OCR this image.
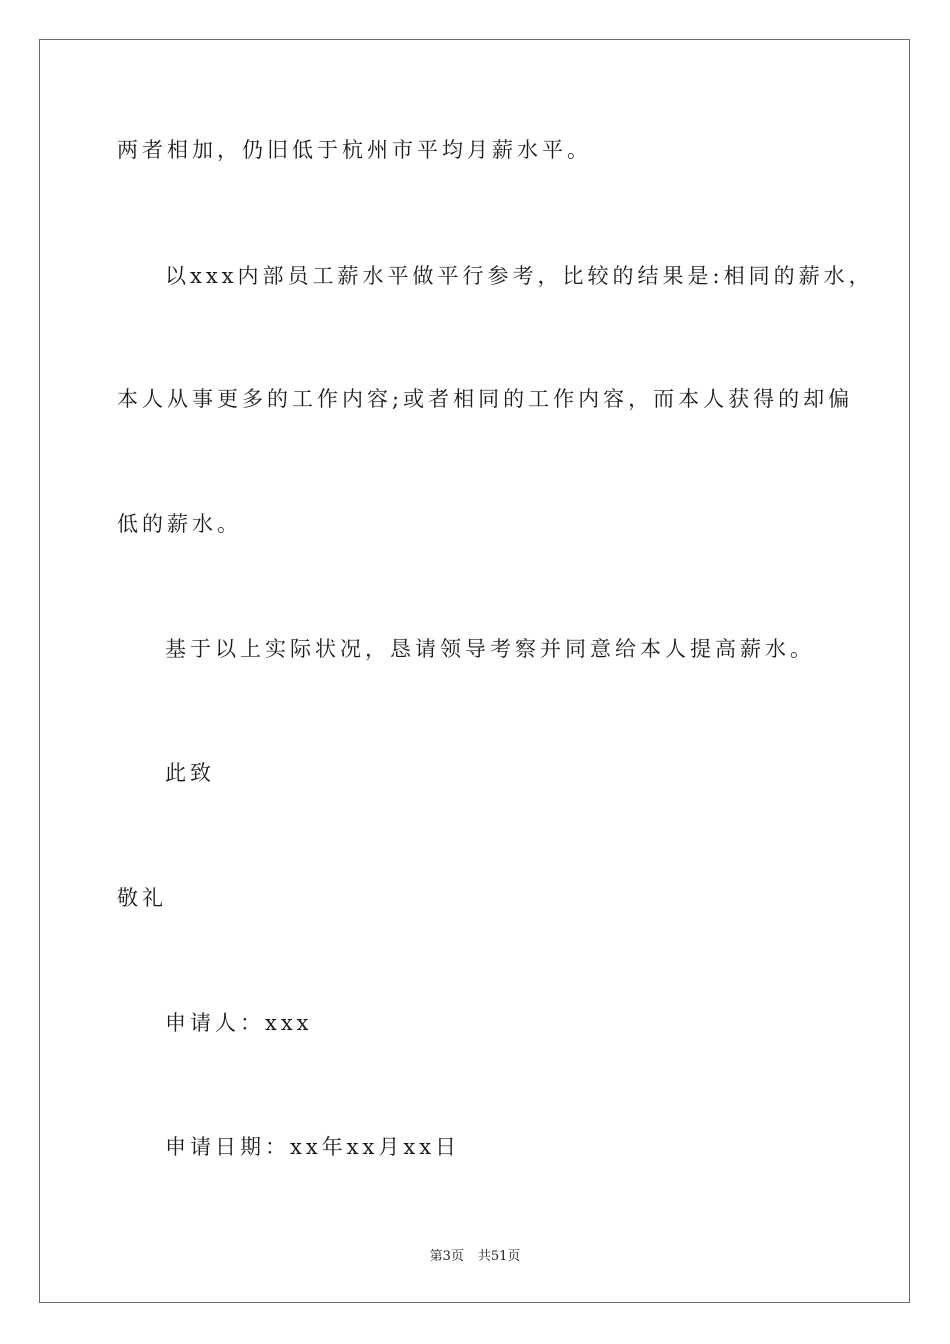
两者相加，仍旧低于杭州市平均月薪水平。
以xxx内部员工薪水平做平行参考，比较的结果是:相同的薪水，
本人从事更多的工作内容;或者相同的工作内容，而本人获得的却偏
低的薪水。
基于以上实际状况，恳请领导考察并同意给本人提高薪水。
此致
敬礼
申请人：xxx
申请日期：xx年xx月xx日
第3页 共51页
